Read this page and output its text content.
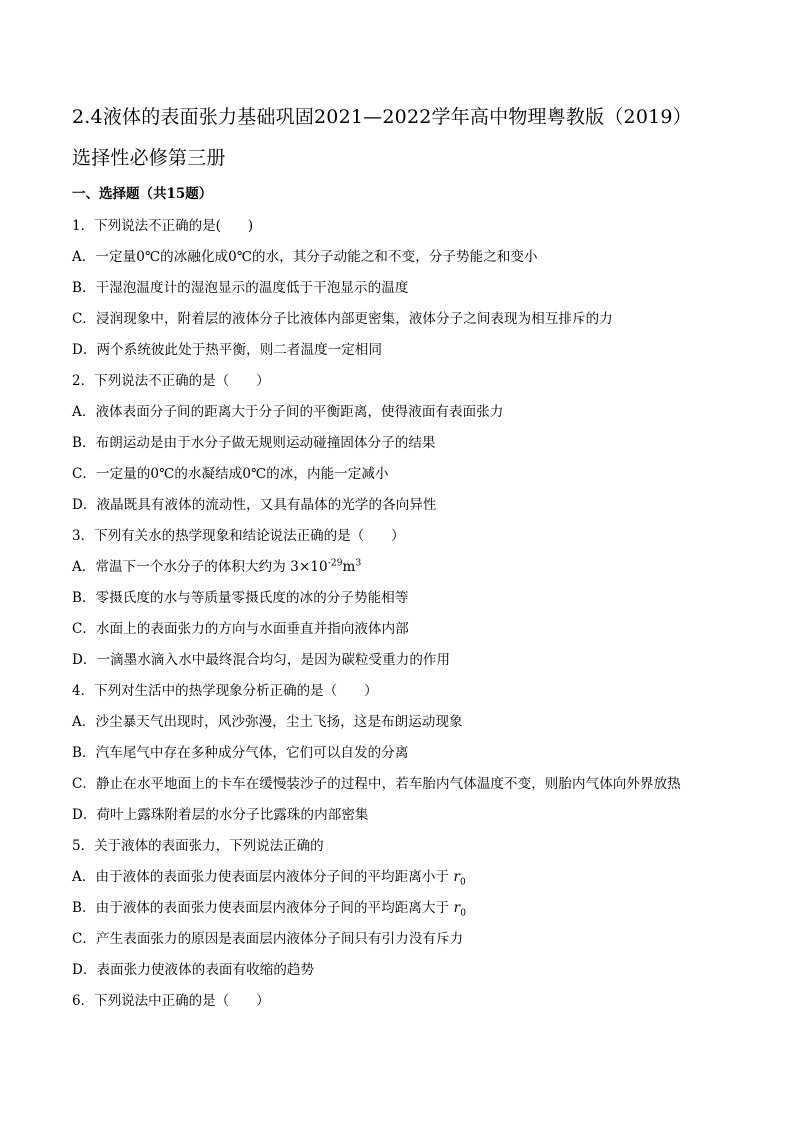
2.4液体的表面张力基础巩固2021—2022学年高中物理粤教版（2019）
选择性必修第三册
一、选择题（共15题）
1．下列说法不正确的是(　　)
A．一定量0℃的冰融化成0℃的水，其分子动能之和不变，分子势能之和变小
B．干湿泡温度计的湿泡显示的温度低于干泡显示的温度
C．浸润现象中，附着层的液体分子比液体内部更密集，液体分子之间表现为相互排斥的力
D．两个系统彼此处于热平衡，则二者温度一定相同
2．下列说法不正确的是（　　）
A．液体表面分子间的距离大于分子间的平衡距离，使得液面有表面张力
B．布朗运动是由于水分子做无规则运动碰撞固体分子的结果
C．一定量的0℃的水凝结成0℃的冰，内能一定减小
D．液晶既具有液体的流动性，又具有晶体的光学的各向异性
3．下列有关水的热学现象和结论说法正确的是（　　）
A．常温下一个水分子的体积大约为 $3\times 10^{-29}m^3$
B．零摄氏度的水与等质量零摄氏度的冰的分子势能相等
C．水面上的表面张力的方向与水面垂直并指向液体内部
D．一滴墨水滴入水中最终混合均匀，是因为碳粒受重力的作用
4．下列对生活中的热学现象分析正确的是（　　）
A．沙尘暴天气出现时，风沙弥漫，尘土飞扬，这是布朗运动现象
B．汽车尾气中存在多种成分气体，它们可以自发的分离
C．静止在水平地面上的卡车在缓慢装沙子的过程中，若车胎内气体温度不变，则胎内气体向外界放热
D．荷叶上露珠附着层的水分子比露珠的内部密集
5．关于液体的表面张力，下列说法正确的
A．由于液体的表面张力使表面层内液体分子间的平均距离小于 $r_0$
B．由于液体的表面张力使表面层内液体分子间的平均距离大于 $r_0$
C．产生表面张力的原因是表面层内液体分子间只有引力没有斥力
D．表面张力使液体的表面有收缩的趋势
6．下列说法中正确的是（　　）
